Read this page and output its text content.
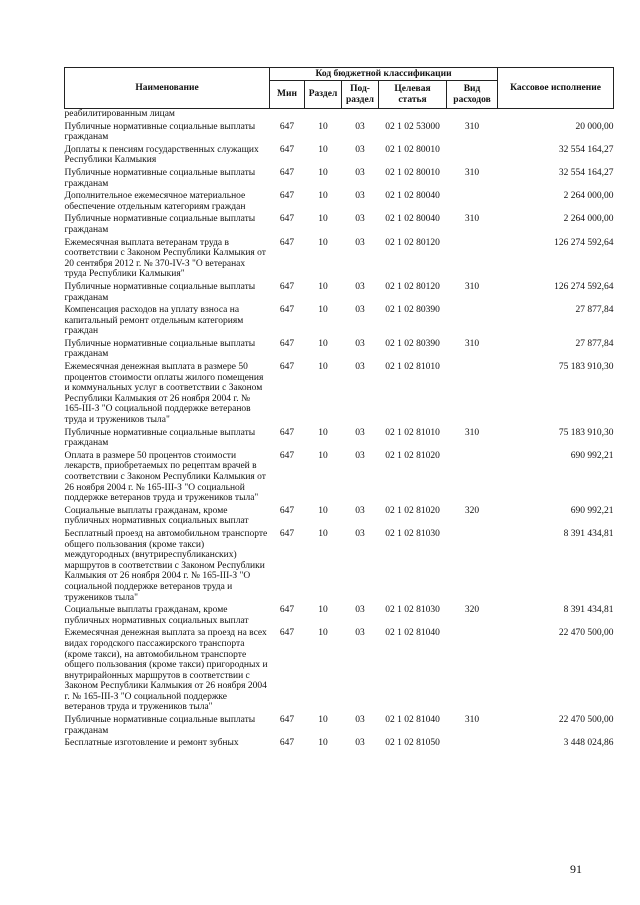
Наименование	Код бюджетной классификации					Кассовое исполнение
	Мин	Раздел	Под-раздел	Целевая статья	Вид расходов	
реабилитированным лицам						
Публичные нормативные социальные выплаты гражданам	647	10	03	02 1 02 53000	310	20 000,00
Доплаты к пенсиям государственных служащих Республики Калмыкия	647	10	03	02 1 02 80010		32 554 164,27
Публичные нормативные социальные выплаты гражданам	647	10	03	02 1 02 80010	310	32 554 164,27
Дополнительное ежемесячное материальное обеспечение отдельным категориям граждан	647	10	03	02 1 02 80040		2 264 000,00
Публичные нормативные социальные выплаты гражданам	647	10	03	02 1 02 80040	310	2 264 000,00
Ежемесячная выплата ветеранам труда в соответствии с Законом Республики Калмыкия от 20 сентября 2012 г. № 370-IV-З "О ветеранах труда Республики Калмыкия"	647	10	03	02 1 02 80120		126 274 592,64
Публичные нормативные социальные выплаты гражданам	647	10	03	02 1 02 80120	310	126 274 592,64
Компенсация расходов на уплату взноса на капитальный ремонт отдельным категориям граждан	647	10	03	02 1 02 80390		27 877,84
Публичные нормативные социальные выплаты гражданам	647	10	03	02 1 02 80390	310	27 877,84
Ежемесячная денежная выплата в размере 50 процентов стоимости оплаты жилого помещения и коммунальных услуг в соответствии с Законом Республики Калмыкия от 26 ноября 2004 г. № 165-III-З "О социальной поддержке ветеранов труда и тружеников тыла"	647	10	03	02 1 02 81010		75 183 910,30
Публичные нормативные социальные выплаты гражданам	647	10	03	02 1 02 81010	310	75 183 910,30
Оплата в размере 50 процентов стоимости лекарств, приобретаемых по рецептам врачей в соответствии с Законом Республики Калмыкия от 26 ноября 2004 г. № 165-III-З "О социальной поддержке ветеранов труда и тружеников тыла"	647	10	03	02 1 02 81020		690 992,21
Социальные выплаты гражданам, кроме публичных нормативных социальных выплат	647	10	03	02 1 02 81020	320	690 992,21
Бесплатный проезд на автомобильном транспорте общего пользования (кроме такси) междугородных (внутриреспубликанских) маршрутов в соответствии с Законом Республики Калмыкия от 26 ноября 2004 г. № 165-III-З "О социальной поддержке ветеранов труда и тружеников тыла"	647	10	03	02 1 02 81030		8 391 434,81
Социальные выплаты гражданам, кроме публичных нормативных социальных выплат	647	10	03	02 1 02 81030	320	8 391 434,81
Ежемесячная денежная выплата за проезд на всех видах городского пассажирского транспорта (кроме такси), на автомобильном транспорте общего пользования (кроме такси) пригородных и внутрирайонных маршрутов в соответствии с Законом Республики Калмыкия от 26 ноября 2004 г. № 165-III-З "О социальной поддержке ветеранов труда и тружеников тыла"	647	10	03	02 1 02 81040		22 470 500,00
Публичные нормативные социальные выплаты гражданам	647	10	03	02 1 02 81040	310	22 470 500,00
Бесплатные изготовление и ремонт зубных	647	10	03	02 1 02 81050		3 448 024,86
91
